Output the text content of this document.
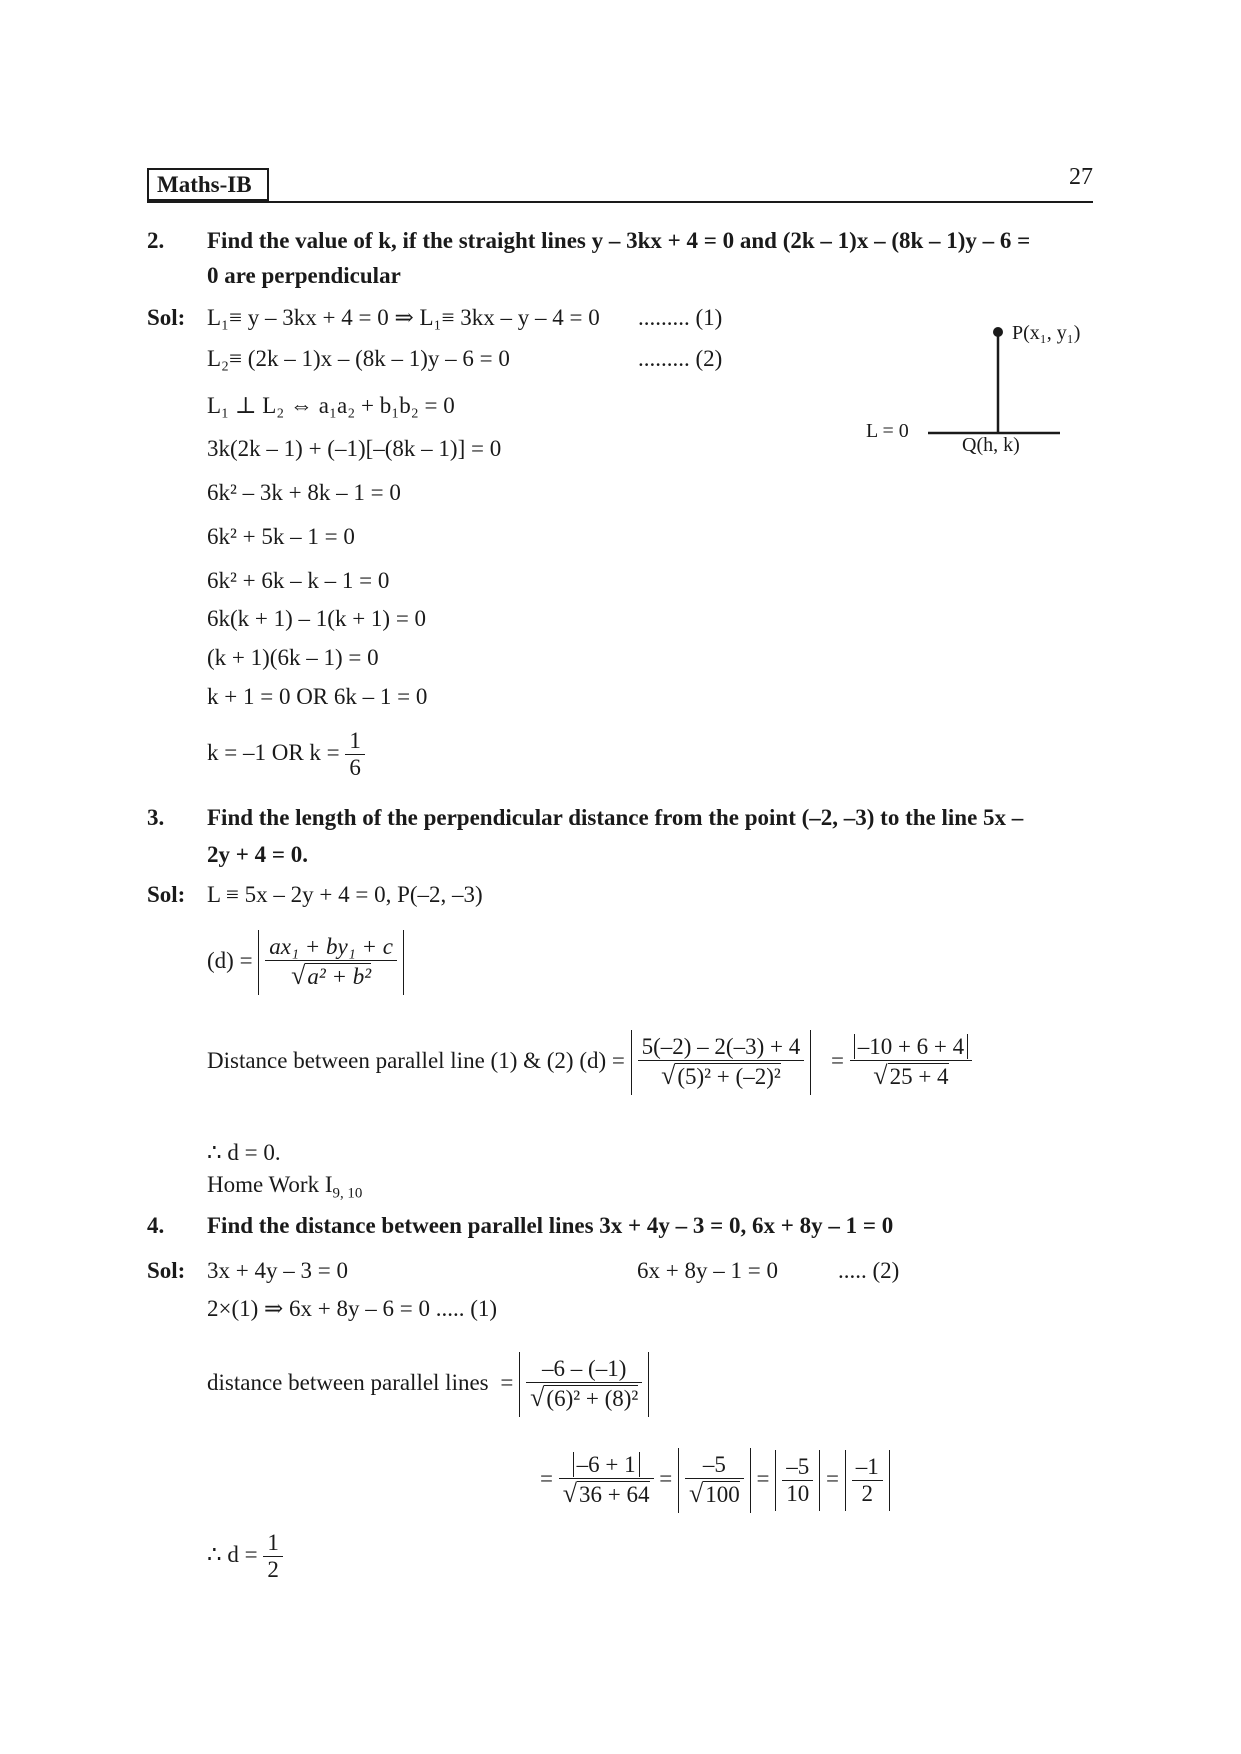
Maths-IB	27
2. Find the value of k, if the straight lines y – 3kx + 4 = 0 and (2k – 1)x – (8k – 1)y – 6 =
0 are perpendicular
Sol: L₁≡ y – 3kx + 4 = 0 ⇒ L₁≡ 3kx – y – 4 = 0 ......... (1)
L₂≡ (2k – 1)x – (8k – 1)y – 6 = 0	......... (2)
L₁ ⊥ L₂ ⇔ a₁a₂ + b₁b₂ = 0
3k(2k – 1) + (–1)[–(8k – 1)] = 0
6k² – 3k + 8k – 1 = 0
6k² + 5k – 1 = 0
6k² + 6k – k – 1 = 0
6k(k + 1) – 1(k + 1) = 0
(k + 1)(6k – 1) = 0
k + 1 = 0 OR 6k – 1 = 0
k = –1 OR $k = \frac{1}{6}$
P(x₁, y₁)
L = 0
Q(h, k)
3. Find the length of the perpendicular distance from the point (–2, –3) to the line 5x –
2y + 4 = 0.
Sol: L ≡ 5x – 2y + 4 = 0, P(–2, –3)
$(d) = \frac{\text{ax₁ + by₁ + c}}{\text{√a² + b²}}$
Distance between parallel line (1) & (2) $(d) = \frac{5(-2) - 2(-3) + 4}{\text{√(5)² + (–2)²}} = \frac{-10 + 6 + 4}{√25 + 4}$
∴ d = 0.
Home Work $I_{9, 10}$
4. Find the distance between parallel lines 3x + 4y – 3 = 0, 6x + 8y – 1 = 0
Sol: 3x + 4y – 3 = 0	6x + 8y – 1 = 0	..... (2)
2×(1) ⇒ 6x + 8y – 6 = 0 ..... (1)
distance between parallel lines = $\frac{-6 - (-1)}{\text{√(6)² + (8)²}}$
= $\frac{-6 + 1}{√36 + 64} = \frac{-5}{√100} = \frac{-5}{10} = \frac{-1}{2}$
∴ $d = \frac{1}{2}$
